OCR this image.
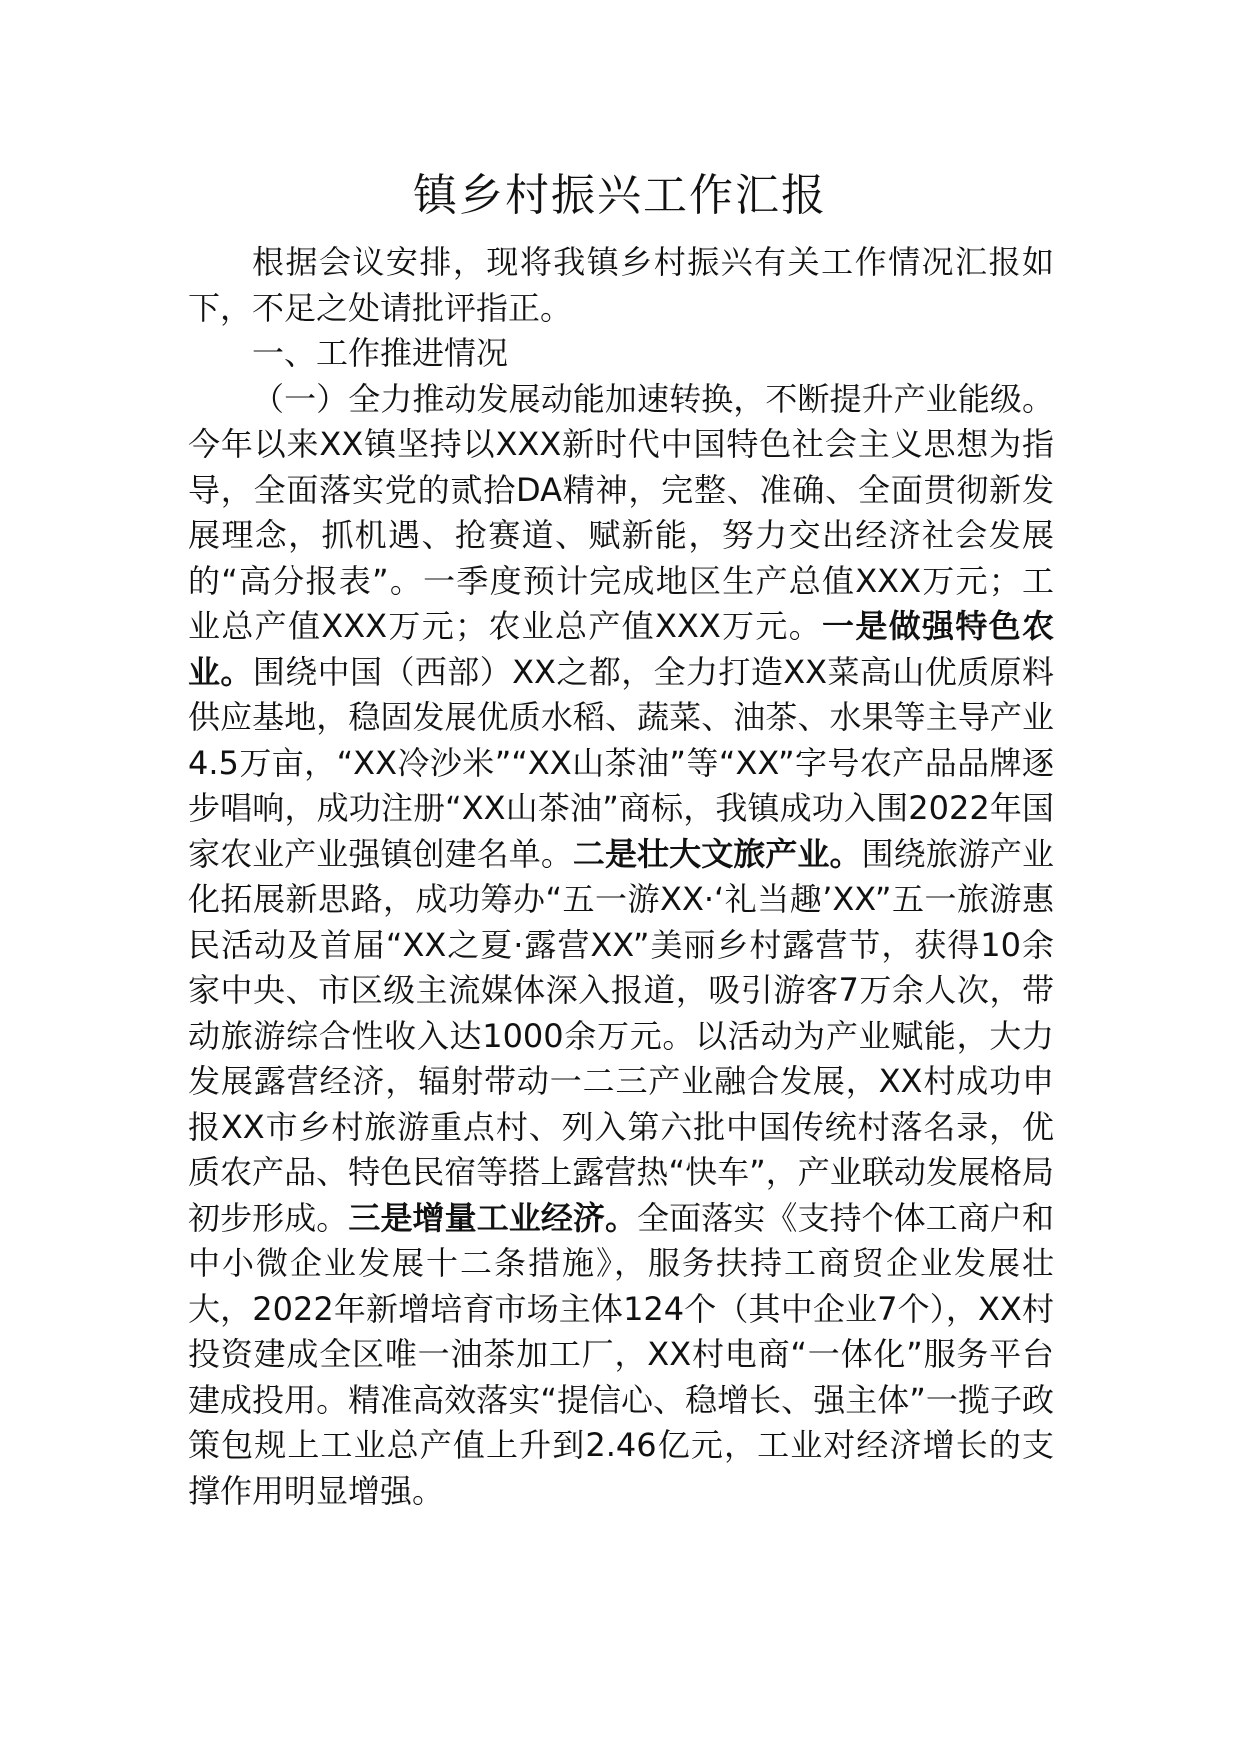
镇乡村振兴工作汇报

根据会议安排，现将我镇乡村振兴有关工作情况汇报如下，不足之处请批评指正。

一、工作推进情况

（一）全力推动发展动能加速转换，不断提升产业能级。今年以来XX镇坚持以XXX新时代中国特色社会主义思想为指导，全面落实党的贰拾DA精神，完整、准确、全面贯彻新发展理念，抓机遇、抢赛道、赋新能，努力交出经济社会发展的“高分报表”。一季度预计完成地区生产总值XXX万元；工业总产值XXX万元；农业总产值XXX万元。一是做强特色农业。围绕中国（西部）XX之都，全力打造XX菜高山优质原料供应基地，稳固发展优质水稻、蔬菜、油茶、水果等主导产业4.5万亩，“XX冷沙米”“XX山茶油”等“XX”字号农产品品牌逐步唱响，成功注册“XX山茶油”商标，我镇成功入围2022年国家农业产业强镇创建名单。二是壮大文旅产业。围绕旅游产业化拓展新思路，成功筹办“五一游XX·‘礼当趣’XX”五一旅游惠民活动及首届“XX之夏·露营XX”美丽乡村露营节，获得10余家中央、市区级主流媒体深入报道，吸引游客7万余人次，带动旅游综合性收入达1000余万元。以活动为产业赋能，大力发展露营经济，辐射带动一二三产业融合发展，XX村成功申报XX市乡村旅游重点村、列入第六批中国传统村落名录，优质农产品、特色民宿等搭上露营热“快车”，产业联动发展格局初步形成。三是增量工业经济。全面落实《支持个体工商户和中小微企业发展十二条措施》，服务扶持工商贸企业发展壮大，2022年新增培育市场主体124个（其中企业7个），XX村投资建成全区唯一油茶加工厂，XX村电商“一体化”服务平台建成投用。精准高效落实“提信心、稳增长、强主体”一揽子政策包规上工业总产值上升到2.46亿元，工业对经济增长的支撑作用明显增强。
